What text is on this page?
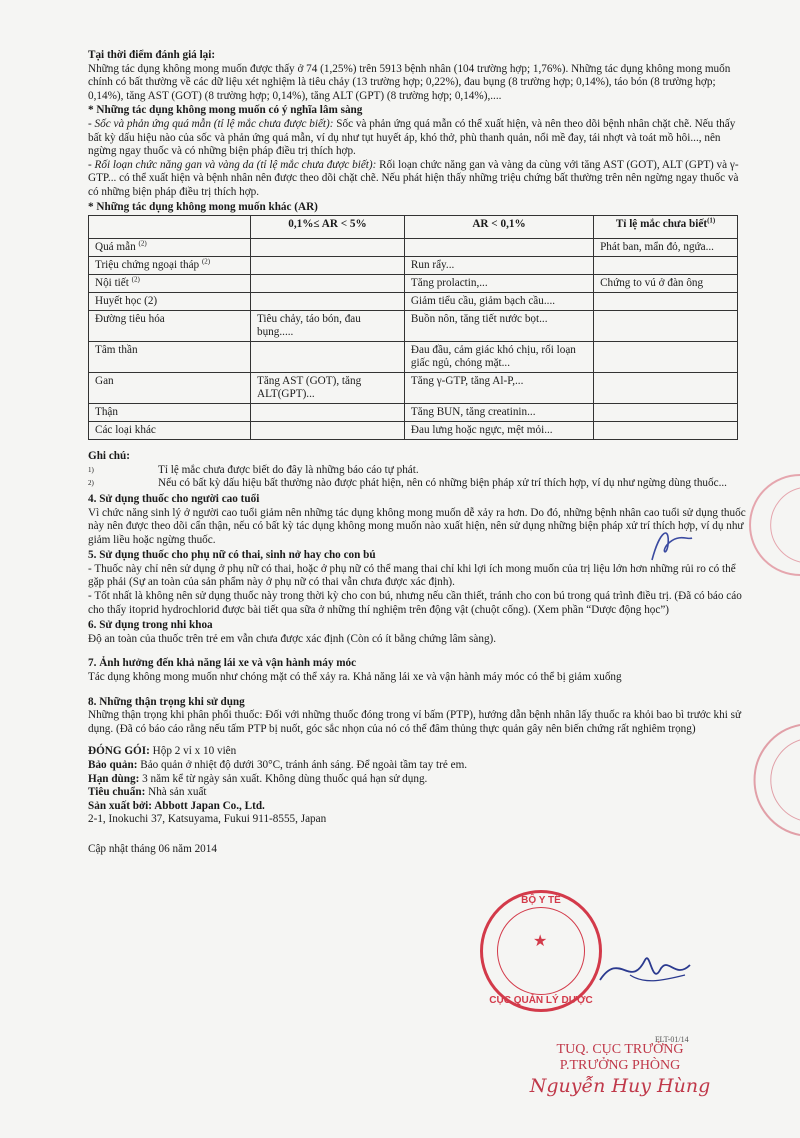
Tại thời điểm đánh giá lại:

Những tác dụng không mong muốn được thấy ở 74 (1,25%) trên 5913 bệnh nhân (104 trường hợp; 1,76%). Những tác dụng không mong muốn chính có bất thường về các dữ liệu xét nghiệm là tiêu chảy (13 trường hợp; 0,22%), đau bụng (8 trường hợp; 0,14%), táo bón (8 trường hợp; 0,14%), tăng AST (GOT) (8 trường hợp; 0,14%), tăng ALT (GPT) (8 trường hợp; 0,14%),....

* Những tác dụng không mong muốn có ý nghĩa lâm sàng

- Sốc và phản ứng quá mẫn (tỉ lệ mắc chưa được biết): Sốc và phản ứng quá mẫn có thể xuất hiện, và nên theo dõi bệnh nhân chặt chẽ. Nếu thấy bất kỳ dấu hiệu nào của sốc và phản ứng quá mẫn, ví dụ như tụt huyết áp, khó thở, phù thanh quản, nổi mề đay, tái nhợt và toát mồ hôi..., nên ngừng ngay thuốc và có những biện pháp điều trị thích hợp.

- Rối loạn chức năng gan và vàng da (tỉ lệ mắc chưa được biết): Rối loạn chức năng gan và vàng da cùng với tăng AST (GOT), ALT (GPT) và γ-GTP... có thể xuất hiện và bệnh nhân nên được theo dõi chặt chẽ. Nếu phát hiện thấy những triệu chứng bất thường trên nên ngừng ngay thuốc và có những biện pháp điều trị thích hợp.

* Những tác dụng không mong muốn khác (AR)

	0,1%≤ AR < 5%	AR < 0,1%	Tỉ lệ mắc chưa biết$^{(1)}$
Quá mẫn $^{(2)}$			Phát ban, mẩn đỏ, ngứa...
Triệu chứng ngoại tháp $^{(2)}$		Run rẩy...	
Nội tiết $^{(2)}$		Tăng prolactin,...	Chứng to vú ở đàn ông
Huyết học (2)		Giảm tiểu cầu, giảm bạch cầu....	
Đường tiêu hóa	Tiêu chảy, táo bón, đau bụng.....	Buồn nôn, tăng tiết nước bọt...	
Tâm thần		Đau đầu, cảm giác khó chịu, rối loạn giấc ngủ, chóng mặt...	
Gan	Tăng AST (GOT), tăng ALT(GPT)...	Tăng γ-GTP, tăng Al-P,...	
Thận		Tăng BUN, tăng creatinin...	
Các loại khác		Đau lưng hoặc ngực, mệt mỏi...	

Ghi chú:

1)	Tỉ lệ mắc chưa được biết do đây là những báo cáo tự phát.
2)	Nếu có bất kỳ dấu hiệu bất thường nào được phát hiện, nên có những biện pháp xử trí thích hợp, ví dụ như ngừng dùng thuốc...

4. Sử dụng thuốc cho người cao tuổi

Vì chức năng sinh lý ở người cao tuổi giảm nên những tác dụng không mong muốn dễ xảy ra hơn. Do đó, những bệnh nhân cao tuổi sử dụng thuốc này nên được theo dõi cẩn thận, nếu có bất kỳ tác dụng không mong muốn nào xuất hiện, nên sử dụng những biện pháp xử trí thích hợp, ví dụ như giảm liều hoặc ngừng thuốc.

5. Sử dụng thuốc cho phụ nữ có thai, sinh nở hay cho con bú

- Thuốc này chỉ nên sử dụng ở phụ nữ có thai, hoặc ở phụ nữ có thể mang thai chỉ khi lợi ích mong muốn của trị liệu lớn hơn những rủi ro có thể gặp phải (Sự an toàn của sản phẩm này ở phụ nữ có thai vẫn chưa được xác định).

- Tốt nhất là không nên sử dụng thuốc này trong thời kỳ cho con bú, nhưng nếu cần thiết, tránh cho con bú trong quá trình điều trị. (Đã có báo cáo cho thấy itoprid hydrochlorid được bài tiết qua sữa ở những thí nghiệm trên động vật (chuột cống). (Xem phần “Dược động học”)

6. Sử dụng trong nhi khoa

Độ an toàn của thuốc trên trẻ em vẫn chưa được xác định (Còn có ít bằng chứng lâm sàng).

7. Ảnh hưởng đến khả năng lái xe và vận hành máy móc

Tác dụng không mong muốn như chóng mặt có thể xảy ra. Khả năng lái xe và vận hành máy móc có thể bị giảm xuống

8. Những thận trọng khi sử dụng

Những thận trọng khi phân phối thuốc: Đối với những thuốc đóng trong vỉ bấm (PTP), hướng dẫn bệnh nhân lấy thuốc ra khỏi bao bì trước khi sử dụng. (Đã có báo cáo rằng nếu tấm PTP bị nuốt, góc sắc nhọn của nó có thể đâm thủng thực quản gây nên biến chứng rất nghiêm trọng)

ĐÓNG GÓI: Hộp 2 vỉ x 10 viên

Bảo quản: Bảo quản ở nhiệt độ dưới 30°C, tránh ánh sáng. Để ngoài tầm tay trẻ em.

Hạn dùng: 3 năm kể từ ngày sản xuất. Không dùng thuốc quá hạn sử dụng.

Tiêu chuẩn: Nhà sản xuất

Sản xuất bởi: Abbott Japan Co., Ltd.

2-1, Inokuchi 37, Katsuyama, Fukui 911-8555, Japan

Cập nhật tháng 06 năm 2014

FLT-01/14
BỘ Y TẾ
★
CỤC QUẢN LÝ DƯỢC
TUQ. CỤC TRƯỞNG
P.TRƯỞNG PHÒNG
Nguyễn Huy Hùng
